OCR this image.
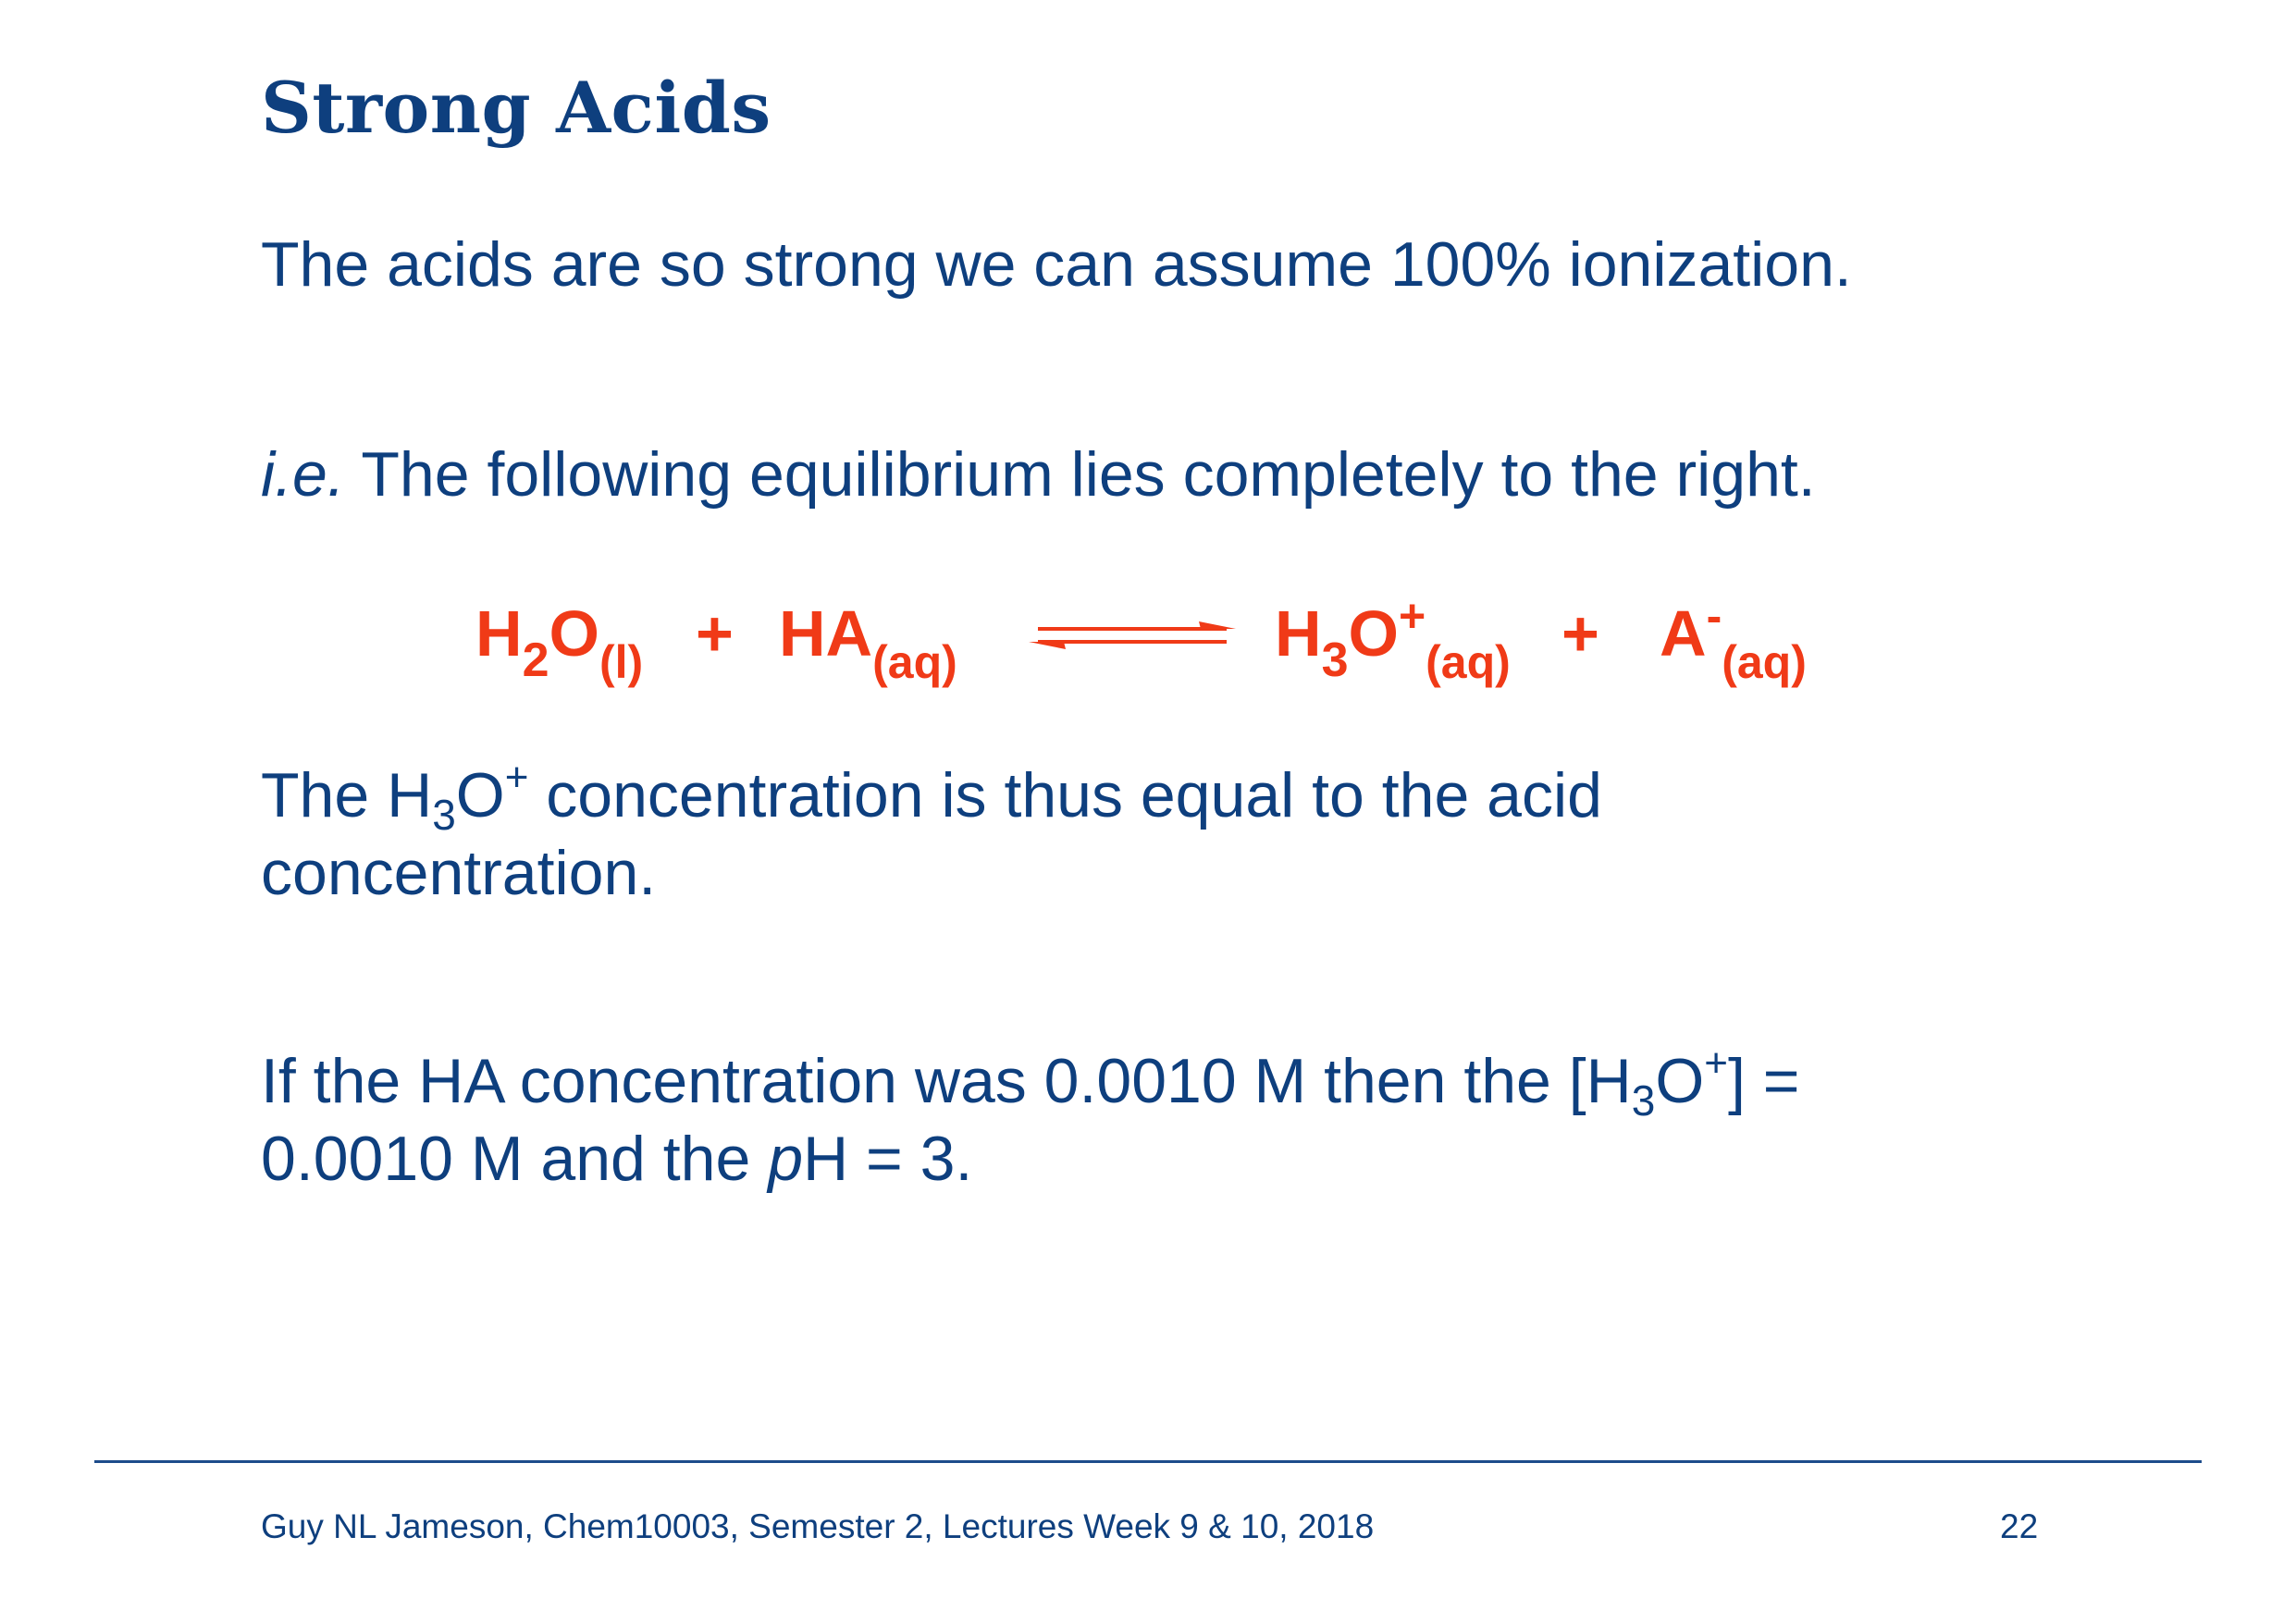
Strong Acids
The acids are so strong we can assume 100% ionization.
i.e. The following equilibrium lies completely to the right.
$H_2O_{(l)} + HA_{(aq)}$	$H_3O^+_{(aq)} + A^-_{(aq)}$
The $H_3O^+$ concentration is thus equal to the acid
concentration.
If the HA concentration was 0.0010 M then the $[H_3O^+]$ =
0.0010 M and the pH = 3.
Guy NL Jameson, Chem10003, Semester 2, Lectures Week 9 & 10, 2018	22
